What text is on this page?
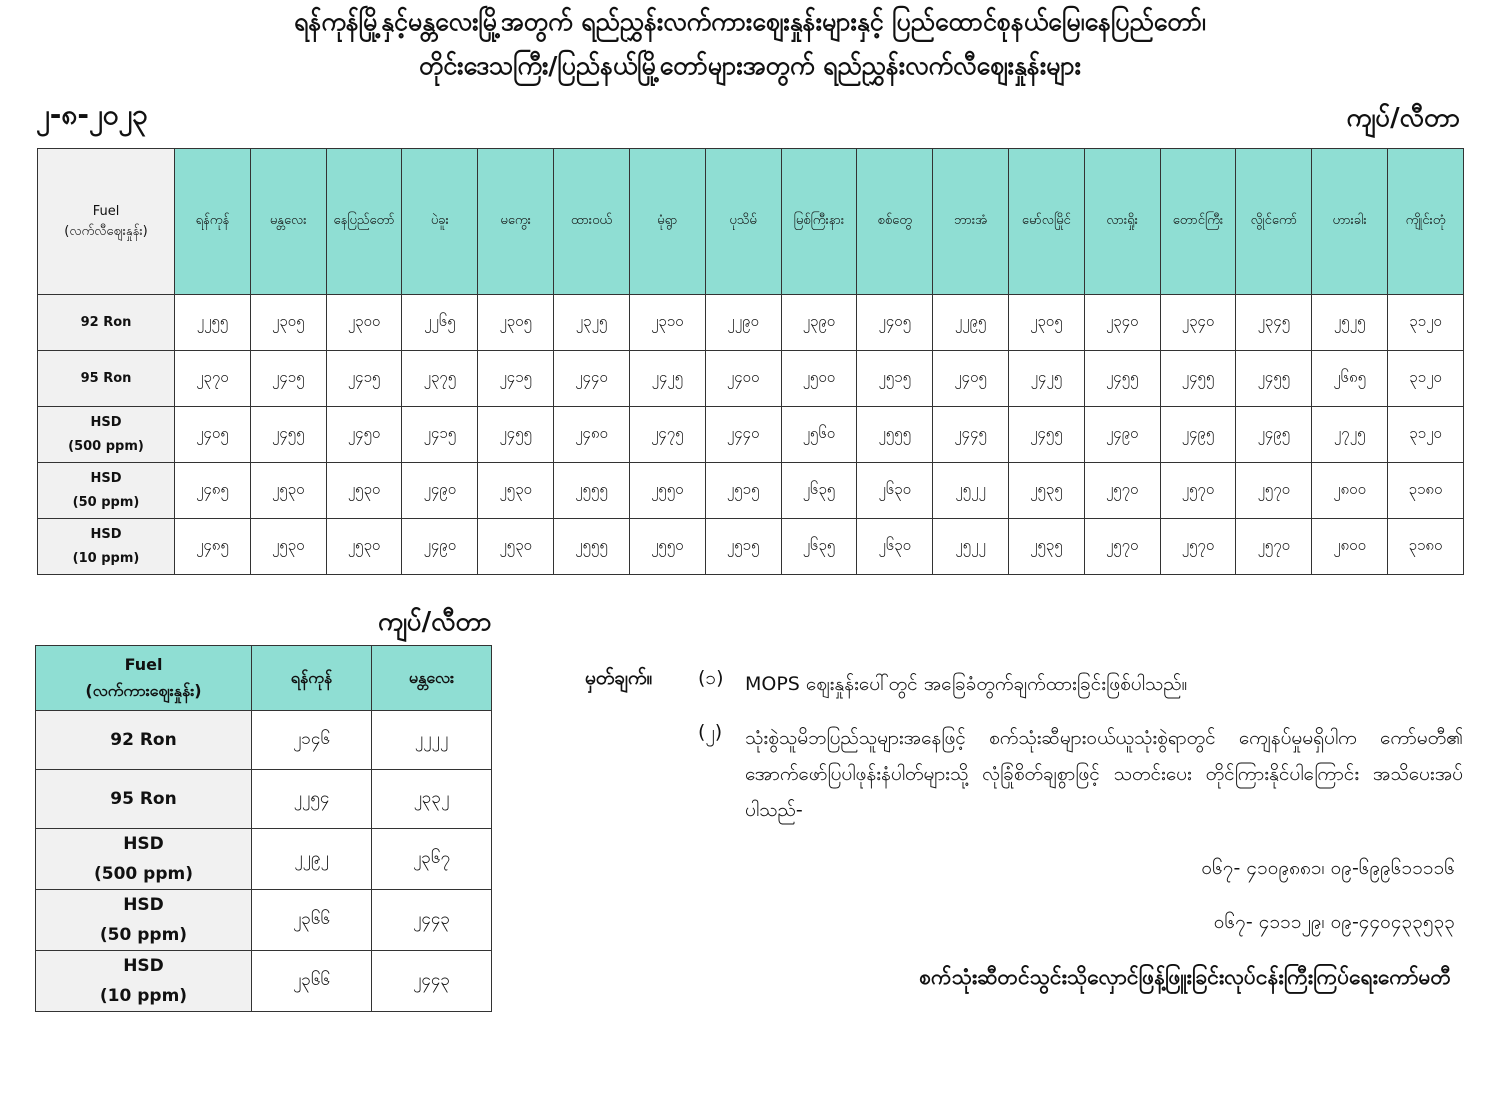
ရန်ကုန်မြို့နှင့်မန္တလေးမြို့အတွက် ရည်ညွှန်းလက်ကားဈေးနှုန်းများနှင့် ပြည်ထောင်စုနယ်မြေ၊နေပြည်တော်၊
တိုင်းဒေသကြီး/ပြည်နယ်မြို့တော်များအတွက် ရည်ညွှန်းလက်လီဈေးနှုန်းများ
၂-၈-၂၀၂၃	ကျပ်/လီတာ
Fuel
(လက်လီဈေးနှုန်း)	ရန်ကုန်	မန္တလေး	နေပြည်တော်	ပဲခူး	မကွေး	ထားဝယ်	မုံရွာ	ပုသိမ်	မြစ်ကြီးနား	စစ်တွေ	ဘားအံ	မော်လမြိုင်	လားရှိုး	တောင်ကြီး	လွိုင်ကော်	ဟားခါး	ကျိုင်းတုံ
92 Ron	၂၂၅၅	၂၃၀၅	၂၃၀၀	၂၂၆၅	၂၃၀၅	၂၃၂၅	၂၃၁၀	၂၂၉၀	၂၃၉၀	၂၄၀၅	၂၂၉၅	၂၃၀၅	၂၃၄၀	၂၃၄၀	၂၃၄၅	၂၅၂၅	၃၁၂၀
95 Ron	၂၃၇၀	၂၄၁၅	၂၄၁၅	၂၃၇၅	၂၄၁၅	၂၄၄၀	၂၄၂၅	၂၄၀၀	၂၅၀၀	၂၅၁၅	၂၄၀၅	၂၄၂၅	၂၄၅၅	၂၄၅၅	၂၄၅၅	၂၆၈၅	၃၁၂၀
HSD
(500 ppm)	၂၄၀၅	၂၄၅၅	၂၄၅၀	၂၄၁၅	၂၄၅၅	၂၄၈၀	၂၄၇၅	၂၄၄၀	၂၅၆၀	၂၅၅၅	၂၄၄၅	၂၄၅၅	၂၄၉၀	၂၄၉၅	၂၄၉၅	၂၇၂၅	၃၁၂၀
HSD
(50 ppm)	၂၄၈၅	၂၅၃၀	၂၅၃၀	၂၄၉၀	၂၅၃၀	၂၅၅၅	၂၅၅၀	၂၅၁၅	၂၆၃၅	၂၆၃၀	၂၅၂၂	၂၅၃၅	၂၅၇၀	၂၅၇၀	၂၅၇၀	၂၈၀၀	၃၁၈၀
HSD
(10 ppm)	၂၄၈၅	၂၅၃၀	၂၅၃၀	၂၄၉၀	၂၅၃၀	၂၅၅၅	၂၅၅၀	၂၅၁၅	၂၆၃၅	၂၆၃၀	၂၅၂၂	၂၅၃၅	၂၅၇၀	၂၅၇၀	၂၅၇၀	၂၈၀၀	၃၁၈၀
ကျပ်/လီတာ
Fuel
(လက်ကားဈေးနှုန်း)	ရန်ကုန်	မန္တလေး
92 Ron	၂၁၄၆	၂၂၂၂
95 Ron	၂၂၅၄	၂၃၃၂
HSD
(500 ppm)	၂၂၉၂	၂၃၆၇
HSD
(50 ppm)	၂၃၆၆	၂၄၄၃
HSD
(10 ppm)	၂၃၆၆	၂၄၄၃
မှတ်ချက်။ (၁) MOPS ဈေးနှုန်းပေါ်တွင် အခြေခံတွက်ချက်ထားခြင်းဖြစ်ပါသည်။
(၂) သုံးစွဲသူမိဘပြည်သူများအနေဖြင့် စက်သုံးဆီများဝယ်ယူသုံးစွဲရာတွင် ကျေနပ်မှုမရှိပါက ကော်မတီ၏ အောက်ဖော်ပြပါဖုန်းနံပါတ်များသို့ လုံခြုံစိတ်ချစွာဖြင့် သတင်းပေး တိုင်ကြားနိုင်ပါကြောင်း အသိပေးအပ်ပါသည်-
၀၆၇- ၄၁၀၉၈၈၁၊ ၀၉-၆၉၉၆၁၁၁၁၆
၀၆၇- ၄၁၁၁၂၉၊ ၀၉-၄၄၀၄၃၃၅၃၃
စက်သုံးဆီတင်သွင်းသိုလှောင်ဖြန့်ဖြူးခြင်းလုပ်ငန်းကြီးကြပ်ရေးကော်မတီ
